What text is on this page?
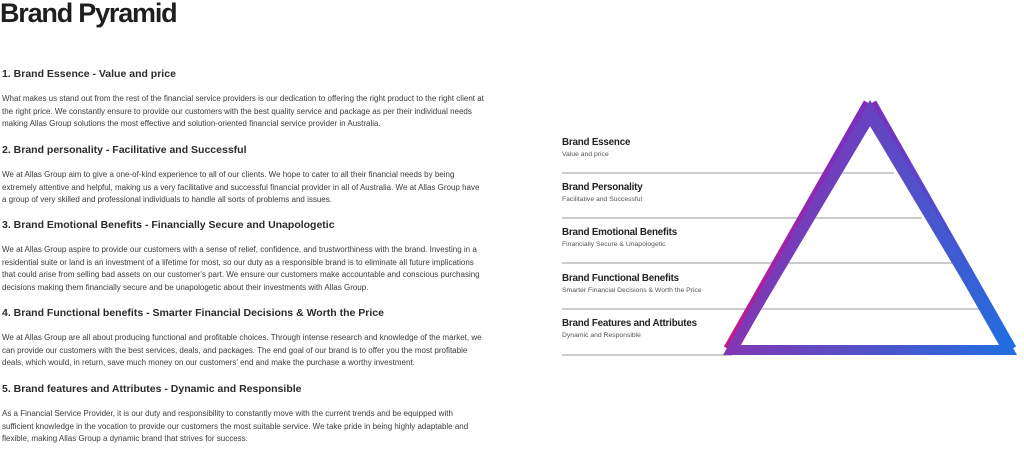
Brand Pyramid
1. Brand Essence - Value and price

What makes us stand out from the rest of the financial service providers is our dedication to offering the right product to the right client at the right price. We constantly ensure to provide our customers with the best quality service and package as per their individual needs making Allas Group solutions the most effective and solution-oriented financial service provider in Australia.

2. Brand personality - Facilitative and Successful

We at Allas Group aim to give a one-of-kind experience to all of our clients. We hope to cater to all their financial needs by being extremely attentive and helpful, making us a very facilitative and successful financial provider in all of Australia. We at Allas Group have a group of very skilled and professional individuals to handle all sorts of problems and issues.

3. Brand Emotional Benefits - Financially Secure and Unapologetic

We at Allas Group aspire to provide our customers with a sense of relief, confidence, and trustworthiness with the brand. Investing in a residential suite or land is an investment of a lifetime for most, so our duty as a responsible brand is to eliminate all future implications that could arise from selling bad assets on our customer's part. We ensure our customers make accountable and conscious purchasing decisions making them financially secure and be unapologetic about their investments with Allas Group.

4. Brand Functional benefits - Smarter Financial Decisions & Worth the Price

We at Allas Group are all about producing functional and profitable choices. Through intense research and knowledge of the market, we can provide our customers with the best services, deals, and packages. The end goal of our brand is to offer you the most profitable deals, which would, in return, save much money on our customers' end and make the purchase a worthy investment.

5. Brand features and Attributes - Dynamic and Responsible

As a Financial Service Provider, it is our duty and responsibility to constantly move with the current trends and be equipped with sufficient knowledge in the vocation to provide our customers the most suitable service. We take pride in being highly adaptable and flexible, making Allas Group a dynamic brand that strives for success.

Brand Essence
Value and price
Brand Personality
Facilitative and Successful
Brand Emotional Benefits
Financially Secure & Unapologetic
Brand Functional Benefits
Smarter Financial Decisions & Worth the Price
Brand Features and Attributes
Dynamic and Responsible
